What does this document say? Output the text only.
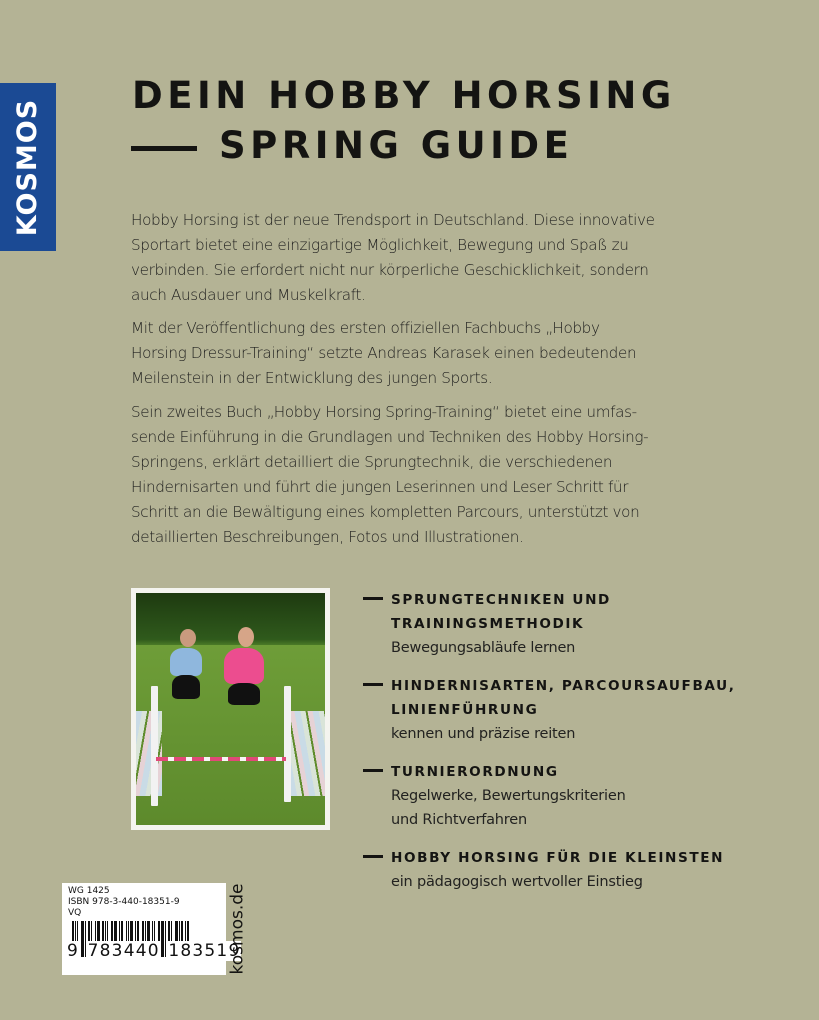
KOSMOS
DEIN HOBBY HORSING
SPRING GUIDE
Hobby Horsing ist der neue Trendsport in Deutschland. Diese innovative
Sportart bietet eine einzigartige Möglichkeit, Bewegung und Spaß zu
verbinden. Sie erfordert nicht nur körperliche Geschicklichkeit, sondern
auch Ausdauer und Muskelkraft.
Mit der Veröffentlichung des ersten offiziellen Fachbuchs „Hobby
Horsing Dressur-Training“ setzte Andreas Karasek einen bedeutenden
Meilenstein in der Entwicklung des jungen Sports.
Sein zweites Buch „Hobby Horsing Spring-Training“ bietet eine umfas-
sende Einführung in die Grundlagen und Techniken des Hobby Horsing-
Springens, erklärt detailliert die Sprungtechnik, die verschiedenen
Hindernisarten und führt die jungen Leserinnen und Leser Schritt für
Schritt an die Bewältigung eines kompletten Parcours, unterstützt von
detaillierten Beschreibungen, Fotos und Illustrationen.
SPRUNGTECHNIKEN UND
TRAININGSMETHODIK
Bewegungsabläufe lernen
HINDERNISARTEN, PARCOURSAUFBAU,
LINIENFÜHRUNG
kennen und präzise reiten
TURNIERORDNUNG
Regelwerke, Bewertungskriterien
und Richtverfahren
HOBBY HORSING FÜR DIE KLEINSTEN
ein pädagogisch wertvoller Einstieg
WG 1425
ISBN 978-3-440-18351-9
VQ
9 783440 183519
kosmos.de
